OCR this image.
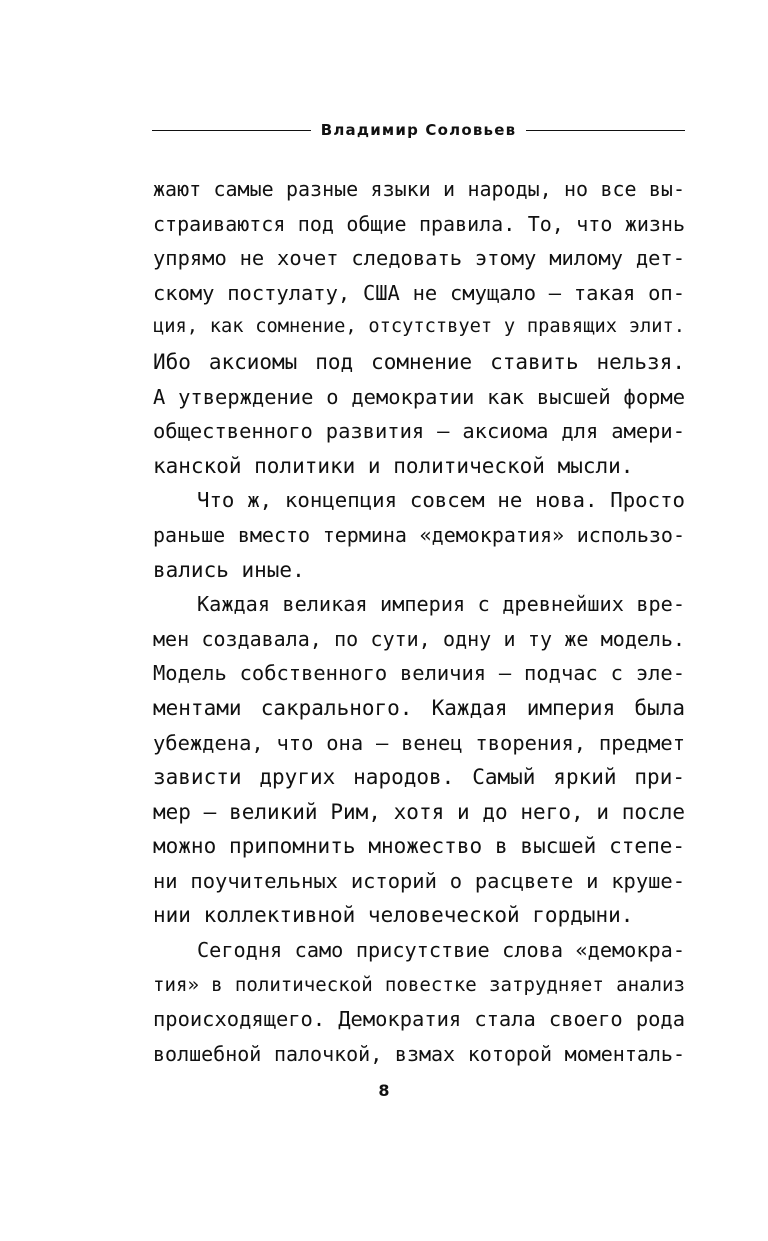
Владимир Соловьев
жают самые разные языки и народы, но все вы-
страиваются под общие правила. То, что жизнь
упрямо не хочет следовать этому милому дет-
скому постулату, США не смущало — такая оп-
ция, как сомнение, отсутствует у правящих элит.
Ибо аксиомы под сомнение ставить нельзя.
А утверждение о демократии как высшей форме
общественного развития — аксиома для амери-
канской политики и политической мысли.
Что ж, концепция совсем не нова. Просто
раньше вместо термина «демократия» использо-
вались иные.
Каждая великая империя с древнейших вре-
мен создавала, по сути, одну и ту же модель.
Модель собственного величия — подчас с эле-
ментами сакрального. Каждая империя была
убеждена, что она — венец творения, предмет
зависти других народов. Самый яркий при-
мер — великий Рим, хотя и до него, и после
можно припомнить множество в высшей степе-
ни поучительных историй о расцвете и круше-
нии коллективной человеческой гордыни.
Сегодня само присутствие слова «демокра-
тия» в политической повестке затрудняет анализ
происходящего. Демократия стала своего рода
волшебной палочкой, взмах которой моменталь-
8
